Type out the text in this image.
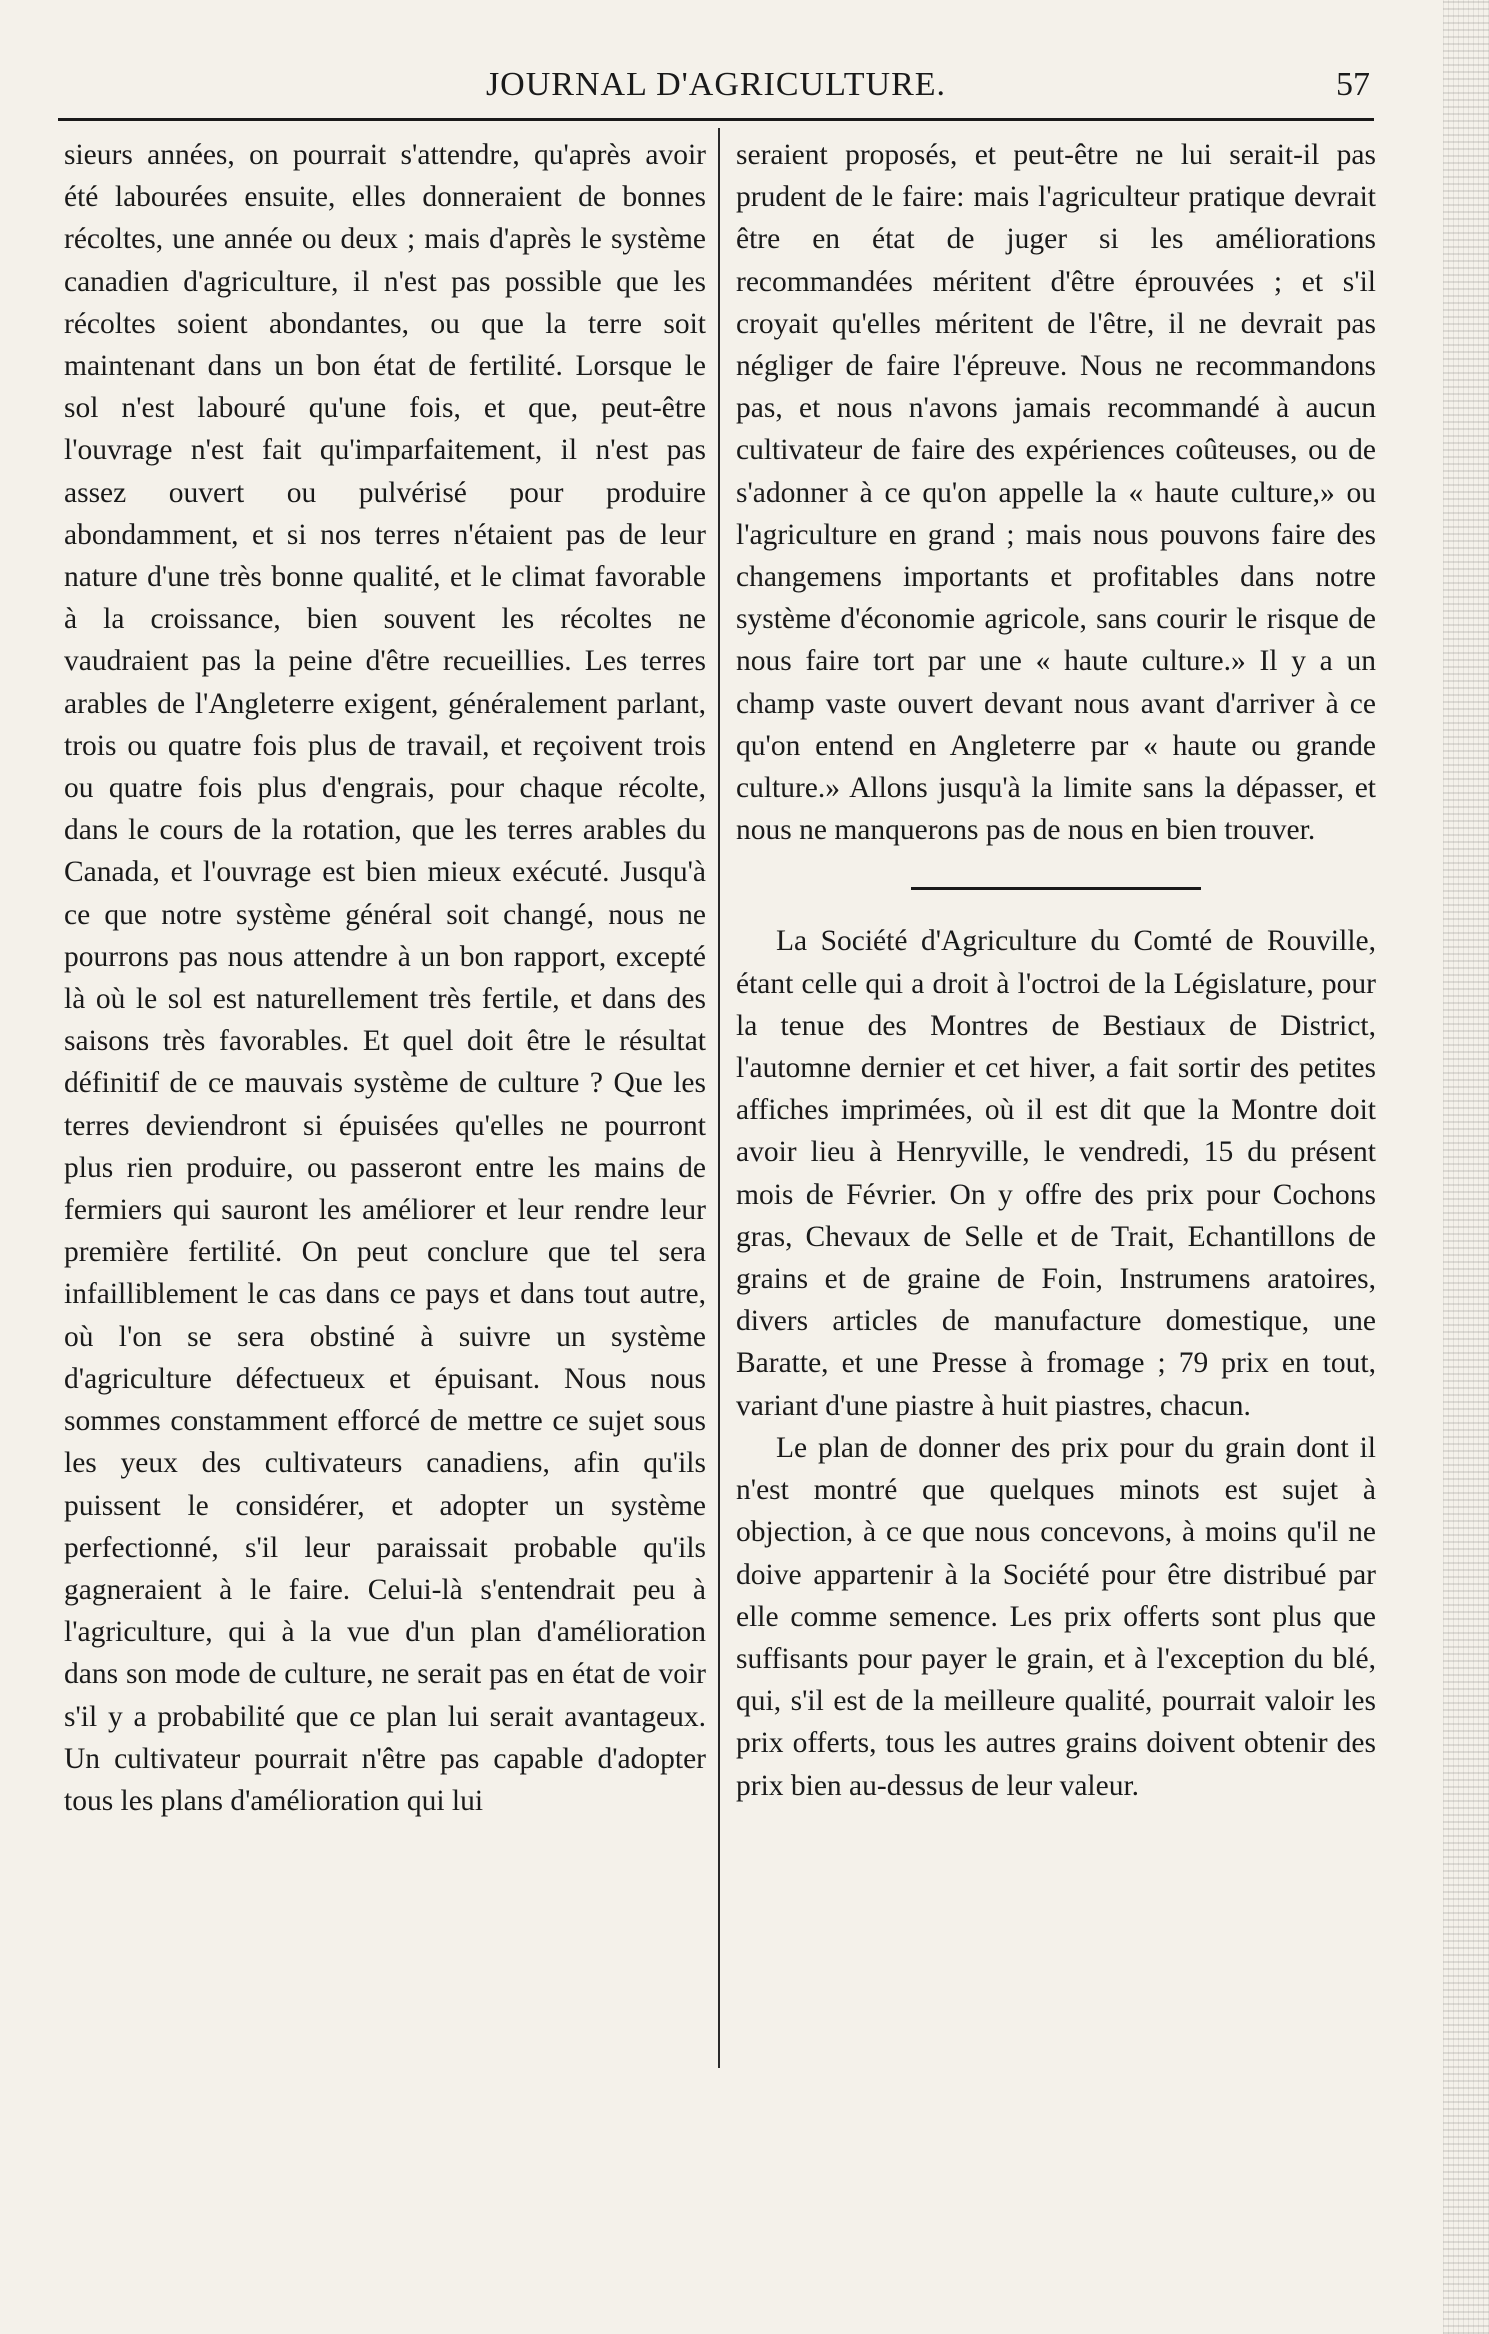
JOURNAL D'AGRICULTURE.	57

sieurs années, on pourrait s'attendre, qu'après avoir été labourées ensuite, elles donneraient de bonnes récoltes, une année ou deux ; mais d'après le système canadien d'agriculture, il n'est pas possible que les récoltes soient abondantes, ou que la terre soit maintenant dans un bon état de fertilité. Lorsque le sol n'est labouré qu'une fois, et que, peut-être l'ouvrage n'est fait qu'imparfaitement, il n'est pas assez ouvert ou pulvérisé pour produire abondamment, et si nos terres n'étaient pas de leur nature d'une très bonne qualité, et le climat favorable à la croissance, bien souvent les récoltes ne vaudraient pas la peine d'être recueillies. Les terres arables de l'Angleterre exigent, généralement parlant, trois ou quatre fois plus de travail, et reçoivent trois ou quatre fois plus d'engrais, pour chaque récolte, dans le cours de la rotation, que les terres arables du Canada, et l'ouvrage est bien mieux exécuté. Jusqu'à ce que notre système général soit changé, nous ne pourrons pas nous attendre à un bon rapport, excepté là où le sol est naturellement très fertile, et dans des saisons très favorables. Et quel doit être le résultat définitif de ce mauvais système de culture ? Que les terres deviendront si épuisées qu'elles ne pourront plus rien produire, ou passeront entre les mains de fermiers qui sauront les améliorer et leur rendre leur première fertilité. On peut conclure que tel sera infailliblement le cas dans ce pays et dans tout autre, où l'on se sera obstiné à suivre un système d'agriculture défectueux et épuisant. Nous nous sommes constamment efforcé de mettre ce sujet sous les yeux des cultivateurs canadiens, afin qu'ils puissent le considérer, et adopter un système perfectionné, s'il leur paraissait probable qu'ils gagneraient à le faire. Celui-là s'entendrait peu à l'agriculture, qui à la vue d'un plan d'amélioration dans son mode de culture, ne serait pas en état de voir s'il y a probabilité que ce plan lui serait avantageux. Un cultivateur pourrait n'être pas capable d'adopter tous les plans d'amélioration qui lui

seraient proposés, et peut-être ne lui serait-il pas prudent de le faire: mais l'agriculteur pratique devrait être en état de juger si les améliorations recommandées méritent d'être éprouvées ; et s'il croyait qu'elles méritent de l'être, il ne devrait pas négliger de faire l'épreuve. Nous ne recommandons pas, et nous n'avons jamais recommandé à aucun cultivateur de faire des expériences coûteuses, ou de s'adonner à ce qu'on appelle la « haute culture,» ou l'agriculture en grand ; mais nous pouvons faire des changemens importants et profitables dans notre système d'économie agricole, sans courir le risque de nous faire tort par une « haute culture.» Il y a un champ vaste ouvert devant nous avant d'arriver à ce qu'on entend en Angleterre par « haute ou grande culture.» Allons jusqu'à la limite sans la dépasser, et nous ne manquerons pas de nous en bien trouver.

La Société d'Agriculture du Comté de Rouville, étant celle qui a droit à l'octroi de la Législature, pour la tenue des Montres de Bestiaux de District, l'automne dernier et cet hiver, a fait sortir des petites affiches imprimées, où il est dit que la Montre doit avoir lieu à Henryville, le vendredi, 15 du présent mois de Février. On y offre des prix pour Cochons gras, Chevaux de Selle et de Trait, Echantillons de grains et de graine de Foin, Instrumens aratoires, divers articles de manufacture domestique, une Baratte, et une Presse à fromage ; 79 prix en tout, variant d'une piastre à huit piastres, chacun.

Le plan de donner des prix pour du grain dont il n'est montré que quelques minots est sujet à objection, à ce que nous concevons, à moins qu'il ne doive appartenir à la Société pour être distribué par elle comme semence. Les prix offerts sont plus que suffisants pour payer le grain, et à l'exception du blé, qui, s'il est de la meilleure qualité, pourrait valoir les prix offerts, tous les autres grains doivent obtenir des prix bien au-dessus de leur valeur.
